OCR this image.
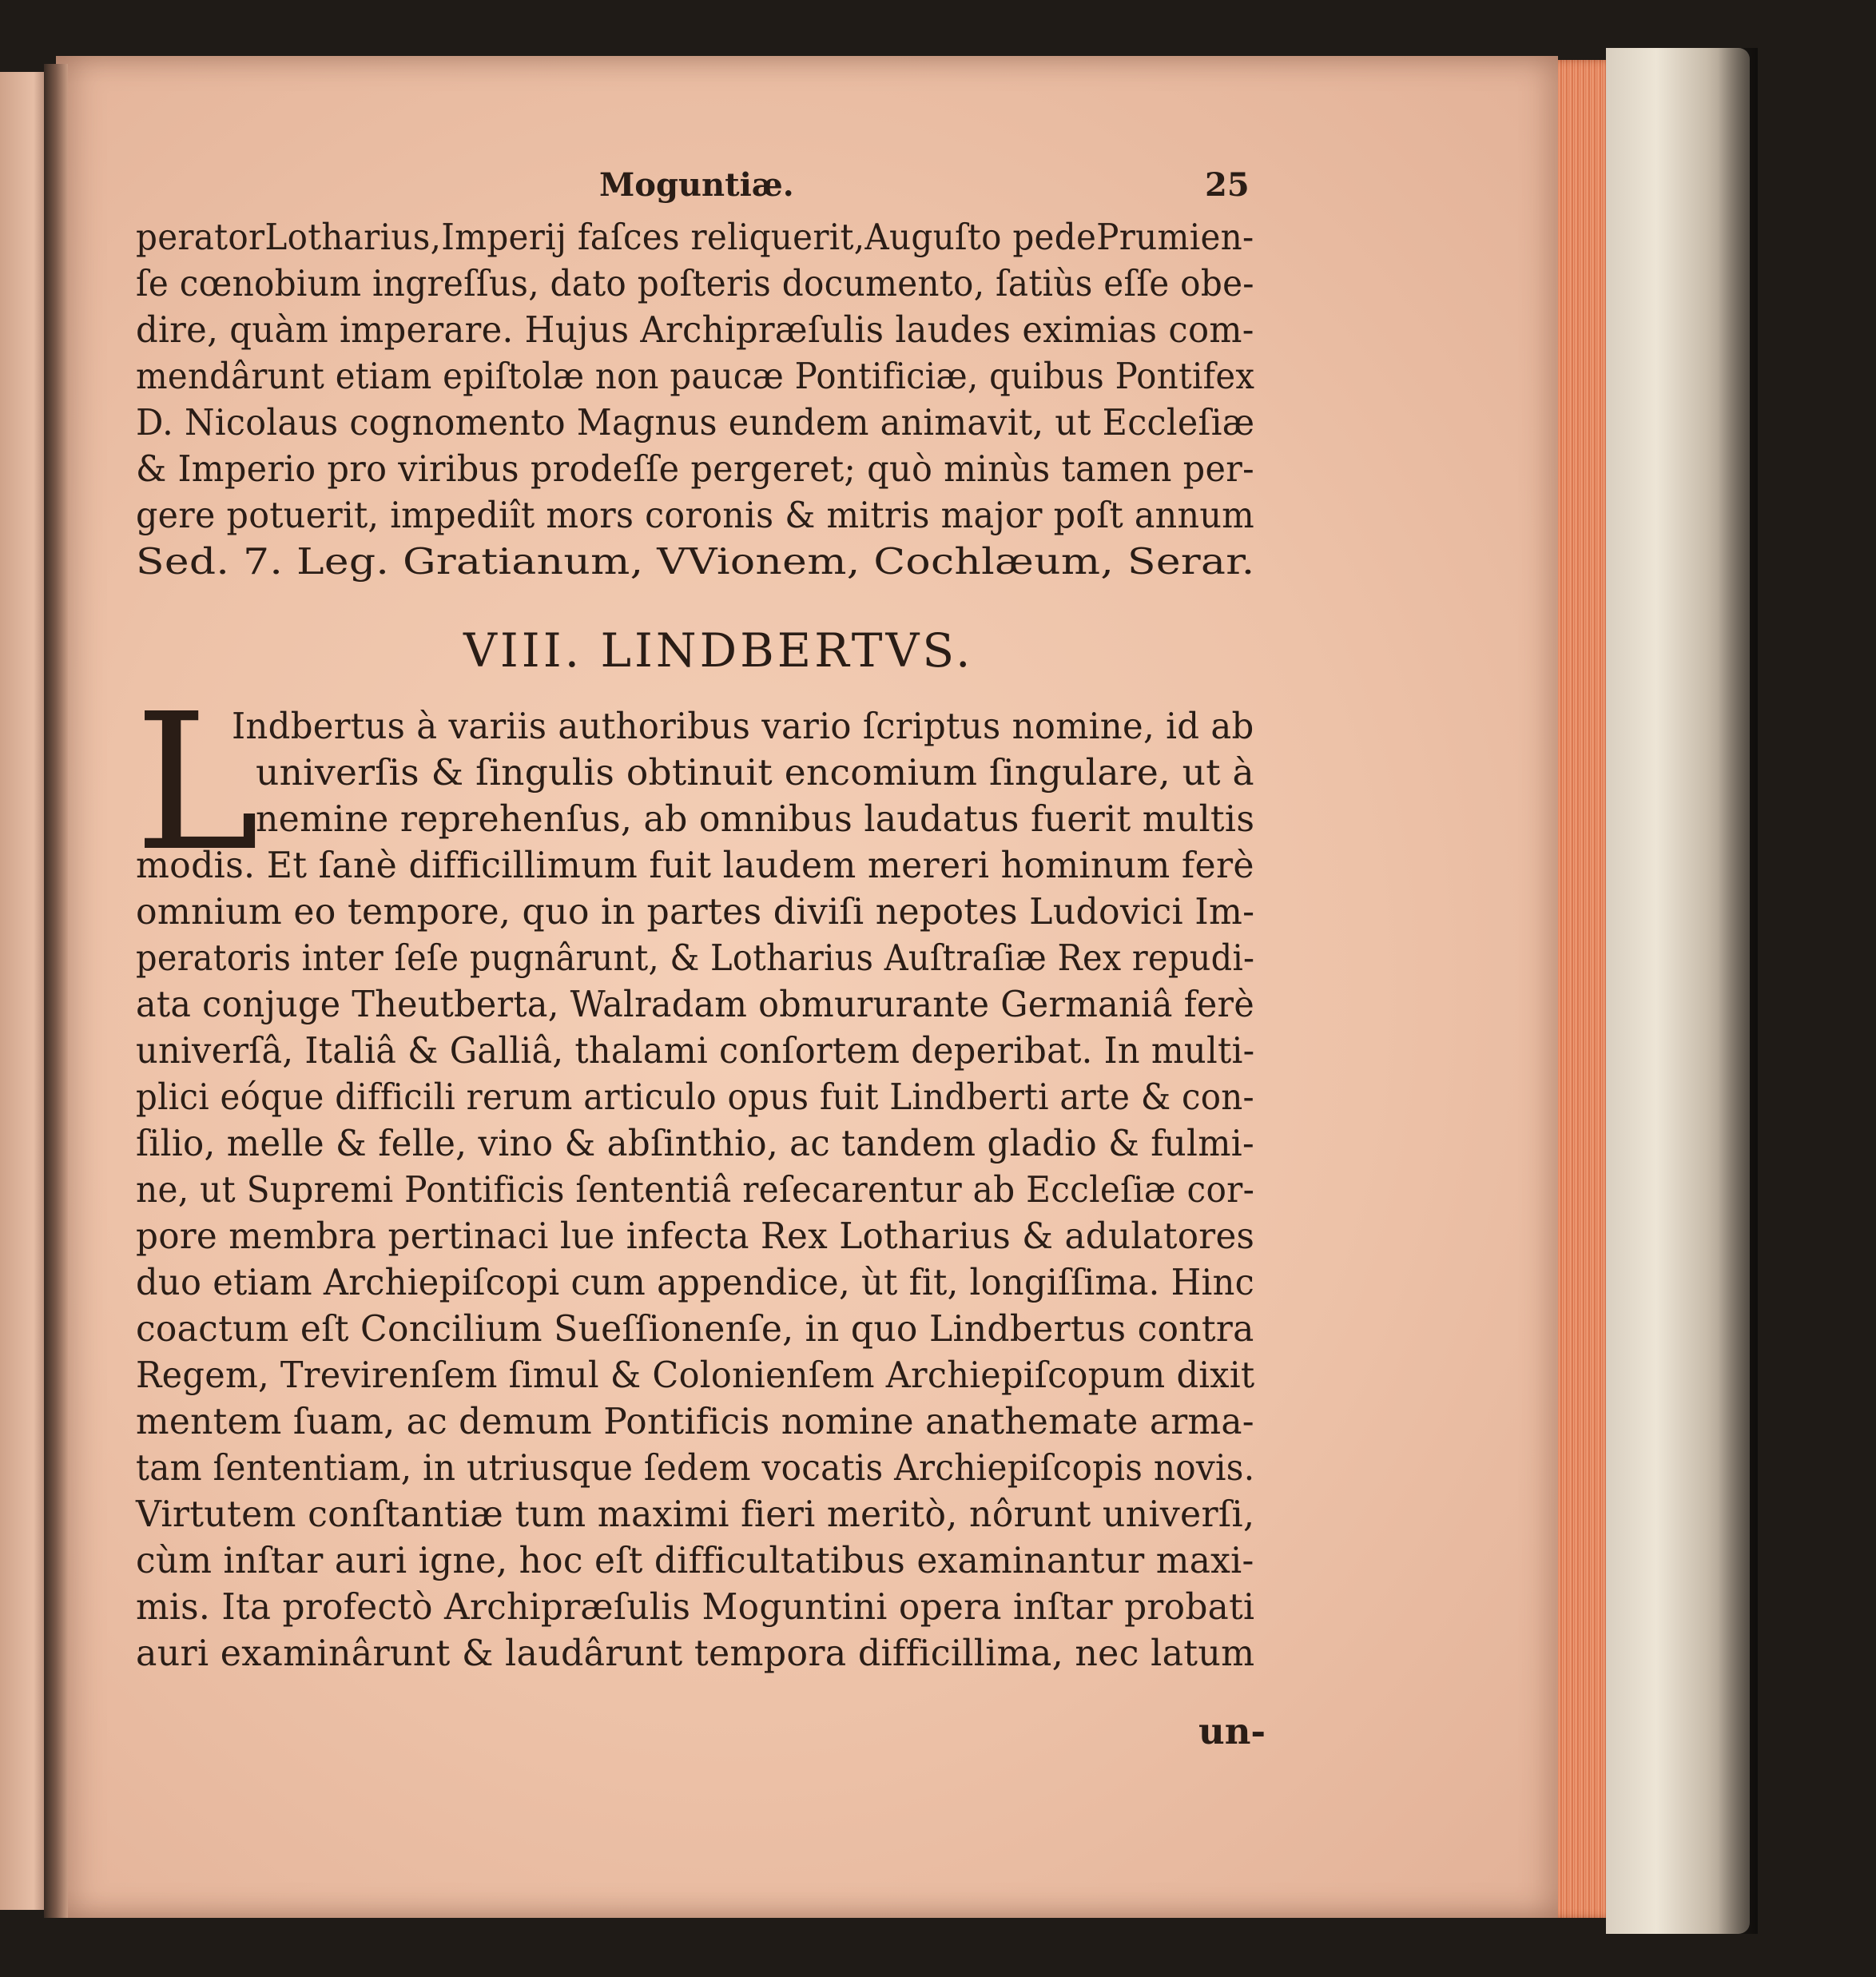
Moguntiæ.	25
peratorLotharius,Imperij faſces reliquerit,Auguſto pedePrumien-
ſe cœnobium ingreſſus, dato poſteris documento, ſatiùs eſſe obe-
dire, quàm imperare. Hujus Archipræſulis laudes eximias com-
mendârunt etiam epiſtolæ non paucæ Pontificiæ, quibus Pontifex
D. Nicolaus cognomento Magnus eundem animavit, ut Eccleſiæ
& Imperio pro viribus prodeſſe pergeret; quò minùs tamen per-
gere potuerit, impediît mors coronis & mitris major poſt annum
Sed. 7. Leg. Gratianum, VVionem, Cochlæum, Serar.
VIII. LINDBERTVS.
L
Indbertus à variis authoribus vario ſcriptus nomine, id ab
univerſis & ſingulis obtinuit encomium ſingulare, ut à
nemine reprehenſus, ab omnibus laudatus fuerit multis
modis. Et ſanè difficillimum fuit laudem mereri hominum ferè
omnium eo tempore, quo in partes diviſi nepotes Ludovici Im-
peratoris inter ſeſe pugnârunt, & Lotharius Auſtraſiæ Rex repudi-
ata conjuge Theutberta, Walradam obmururante Germaniâ ferè
univerſâ, Italiâ & Galliâ, thalami conſortem deperibat. In multi-
plici eóque difficili rerum articulo opus fuit Lindberti arte & con-
ſilio, melle & felle, vino & abſinthio, ac tandem gladio & fulmi-
ne, ut Supremi Pontificis ſententiâ reſecarentur ab Eccleſiæ cor-
pore membra pertinaci lue infecta Rex Lotharius & adulatores
duo etiam Archiepiſcopi cum appendice, ùt fit, longiſſima. Hinc
coactum eſt Concilium Sueſſionenſe, in quo Lindbertus contra
Regem, Trevirenſem ſimul & Colonienſem Archiepiſcopum dixit
mentem ſuam, ac demum Pontificis nomine anathemate arma-
tam ſententiam, in utriusque ſedem vocatis Archiepiſcopis novis.
Virtutem conſtantiæ tum maximi fieri meritò, nôrunt univerſi,
cùm inſtar auri igne, hoc eſt difficultatibus examinantur maxi-
mis. Ita profectò Archipræſulis Moguntini opera inſtar probati
auri examinârunt & laudârunt tempora difficillima, nec latum
un-
